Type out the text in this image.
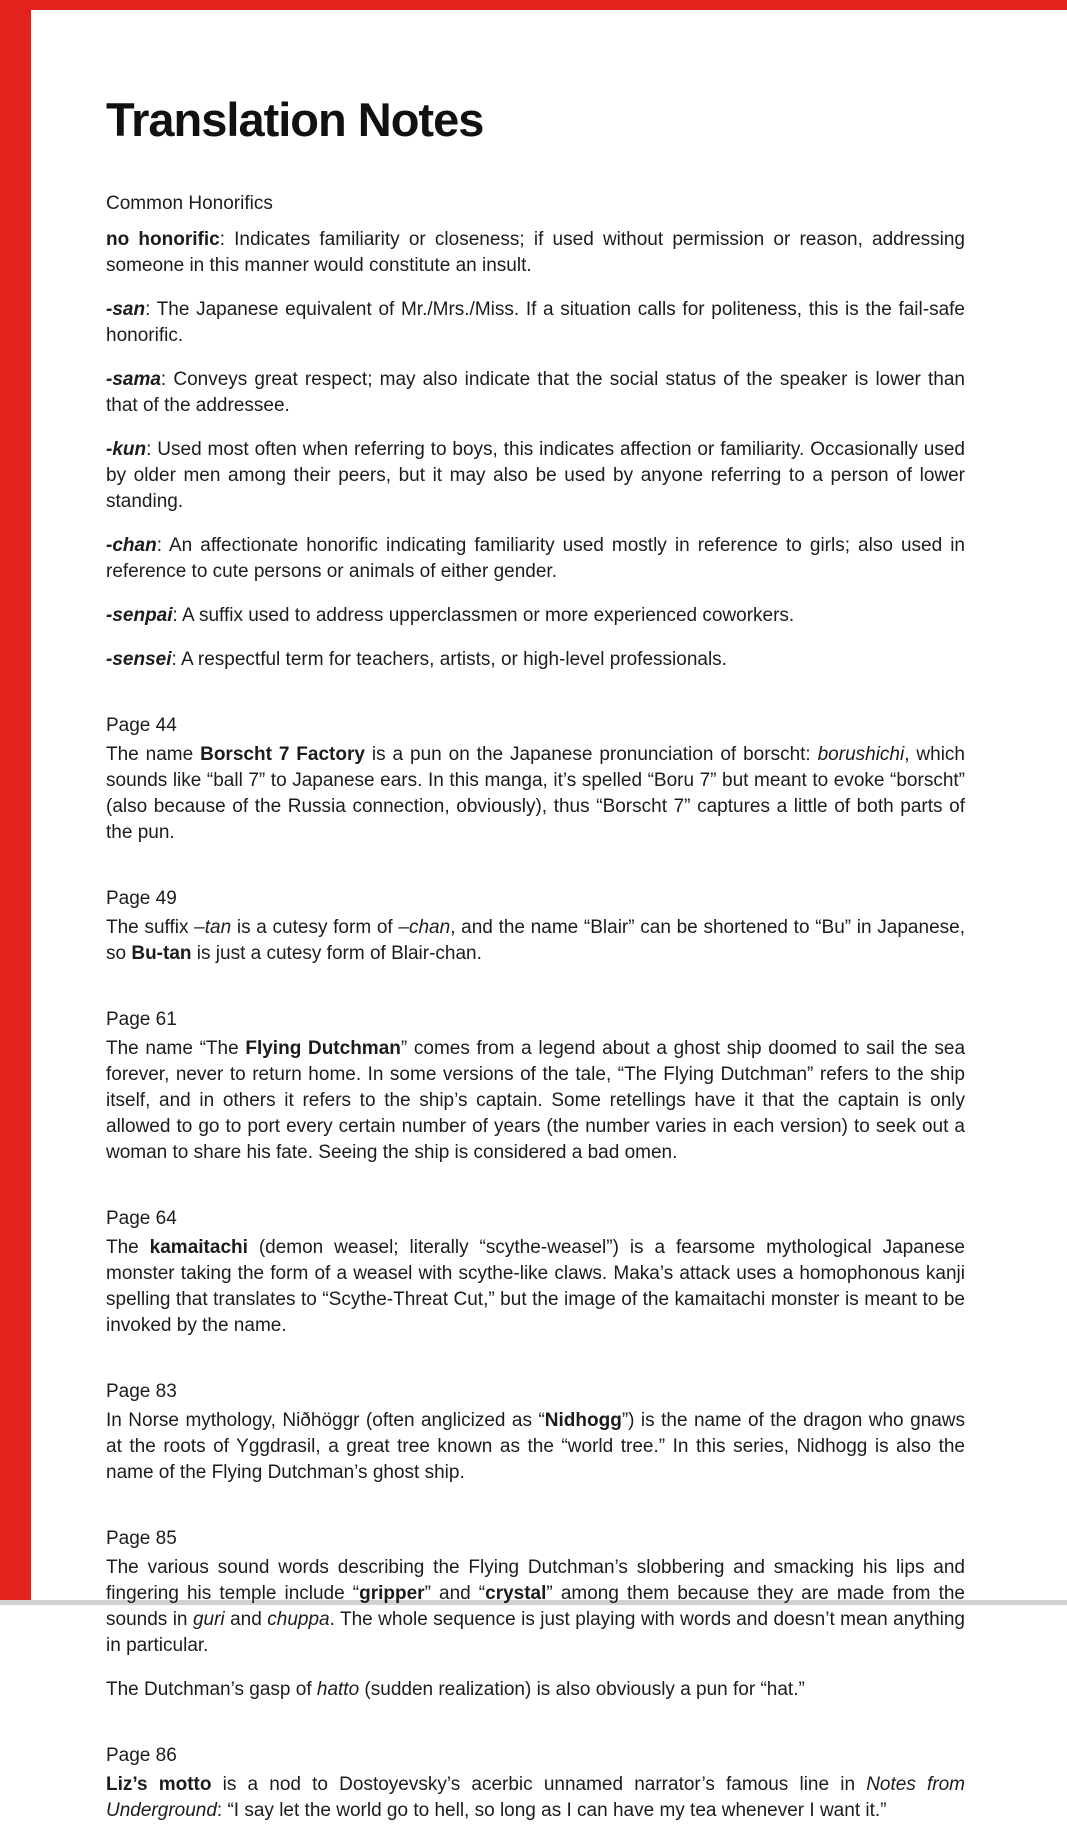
Translation Notes
Common Honorifics

no honorific: Indicates familiarity or closeness; if used without permission or reason, addressing someone in this manner would constitute an insult.

-san: The Japanese equivalent of Mr./Mrs./Miss. If a situation calls for politeness, this is the fail-safe honorific.

-sama: Conveys great respect; may also indicate that the social status of the speaker is lower than that of the addressee.

-kun: Used most often when referring to boys, this indicates affection or familiarity. Occasionally used by older men among their peers, but it may also be used by anyone referring to a person of lower standing.

-chan: An affectionate honorific indicating familiarity used mostly in reference to girls; also used in reference to cute persons or animals of either gender.

-senpai: A suffix used to address upperclassmen or more experienced coworkers.

-sensei: A respectful term for teachers, artists, or high-level professionals.

Page 44

The name Borscht 7 Factory is a pun on the Japanese pronunciation of borscht: borushichi, which sounds like “ball 7” to Japanese ears. In this manga, it’s spelled “Boru 7” but meant to evoke “borscht” (also because of the Russia connection, obviously), thus “Borscht 7” captures a little of both parts of the pun.

Page 49

The suffix –tan is a cutesy form of –chan, and the name “Blair” can be shortened to “Bu” in Japanese, so Bu-tan is just a cutesy form of Blair-chan.

Page 61

The name “The Flying Dutchman” comes from a legend about a ghost ship doomed to sail the sea forever, never to return home. In some versions of the tale, “The Flying Dutchman” refers to the ship itself, and in others it refers to the ship’s captain. Some retellings have it that the captain is only allowed to go to port every certain number of years (the number varies in each version) to seek out a woman to share his fate. Seeing the ship is considered a bad omen.

Page 64

The kamaitachi (demon weasel; literally “scythe-weasel”) is a fearsome mythological Japanese monster taking the form of a weasel with scythe-like claws. Maka’s attack uses a homophonous kanji spelling that translates to “Scythe-Threat Cut,” but the image of the kamaitachi monster is meant to be invoked by the name.

Page 83

In Norse mythology, Niðhöggr (often anglicized as “Nidhogg”) is the name of the dragon who gnaws at the roots of Yggdrasil, a great tree known as the “world tree.” In this series, Nidhogg is also the name of the Flying Dutchman’s ghost ship.

Page 85

The various sound words describing the Flying Dutchman’s slobbering and smacking his lips and fingering his temple include “gripper” and “crystal” among them because they are made from the sounds in guri and chuppa. The whole sequence is just playing with words and doesn’t mean anything in particular.

The Dutchman’s gasp of hatto (sudden realization) is also obviously a pun for “hat.”

Page 86

Liz’s motto is a nod to Dostoyevsky’s acerbic unnamed narrator’s famous line in Notes from Underground: “I say let the world go to hell, so long as I can have my tea whenever I want it.”
